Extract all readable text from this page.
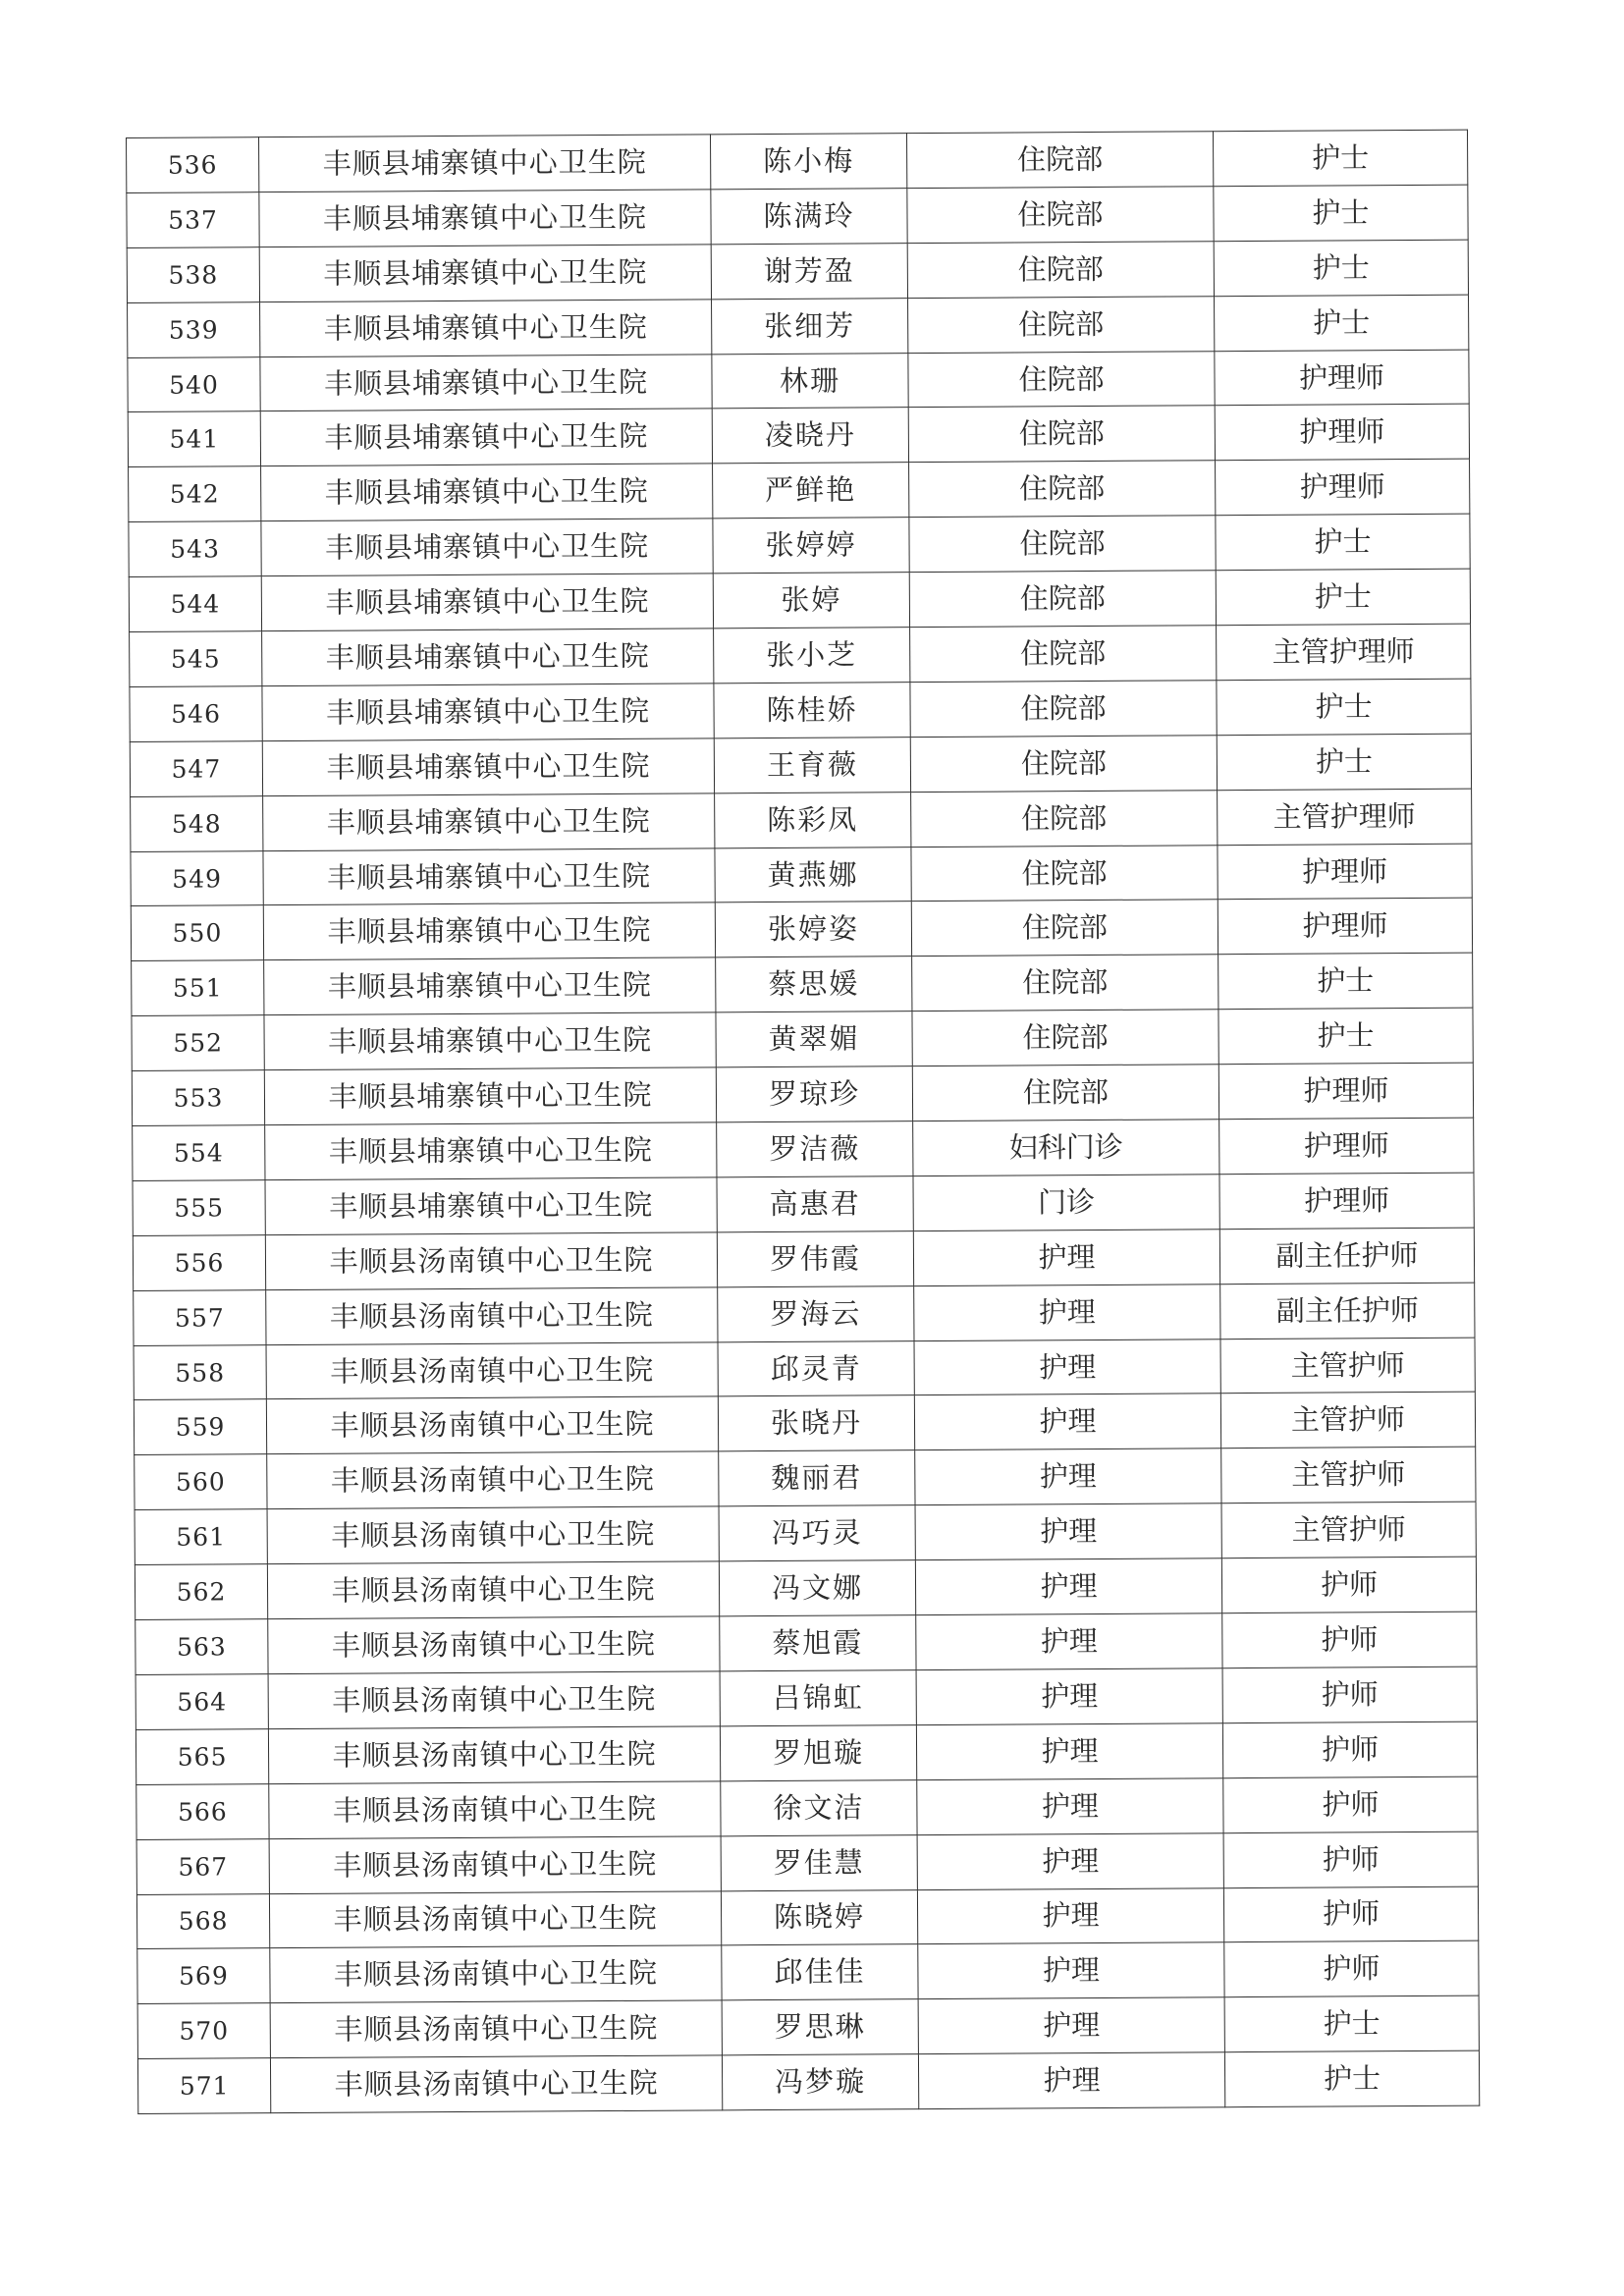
536	丰顺县埔寨镇中心卫生院	陈小梅	住院部	护士
537	丰顺县埔寨镇中心卫生院	陈满玲	住院部	护士
538	丰顺县埔寨镇中心卫生院	谢芳盈	住院部	护士
539	丰顺县埔寨镇中心卫生院	张细芳	住院部	护士
540	丰顺县埔寨镇中心卫生院	林珊	住院部	护理师
541	丰顺县埔寨镇中心卫生院	凌晓丹	住院部	护理师
542	丰顺县埔寨镇中心卫生院	严鲜艳	住院部	护理师
543	丰顺县埔寨镇中心卫生院	张婷婷	住院部	护士
544	丰顺县埔寨镇中心卫生院	张婷	住院部	护士
545	丰顺县埔寨镇中心卫生院	张小芝	住院部	主管护理师
546	丰顺县埔寨镇中心卫生院	陈桂娇	住院部	护士
547	丰顺县埔寨镇中心卫生院	王育薇	住院部	护士
548	丰顺县埔寨镇中心卫生院	陈彩凤	住院部	主管护理师
549	丰顺县埔寨镇中心卫生院	黄燕娜	住院部	护理师
550	丰顺县埔寨镇中心卫生院	张婷姿	住院部	护理师
551	丰顺县埔寨镇中心卫生院	蔡思媛	住院部	护士
552	丰顺县埔寨镇中心卫生院	黄翠媚	住院部	护士
553	丰顺县埔寨镇中心卫生院	罗琼珍	住院部	护理师
554	丰顺县埔寨镇中心卫生院	罗洁薇	妇科门诊	护理师
555	丰顺县埔寨镇中心卫生院	高惠君	门诊	护理师
556	丰顺县汤南镇中心卫生院	罗伟霞	护理	副主任护师
557	丰顺县汤南镇中心卫生院	罗海云	护理	副主任护师
558	丰顺县汤南镇中心卫生院	邱灵青	护理	主管护师
559	丰顺县汤南镇中心卫生院	张晓丹	护理	主管护师
560	丰顺县汤南镇中心卫生院	魏丽君	护理	主管护师
561	丰顺县汤南镇中心卫生院	冯巧灵	护理	主管护师
562	丰顺县汤南镇中心卫生院	冯文娜	护理	护师
563	丰顺县汤南镇中心卫生院	蔡旭霞	护理	护师
564	丰顺县汤南镇中心卫生院	吕锦虹	护理	护师
565	丰顺县汤南镇中心卫生院	罗旭璇	护理	护师
566	丰顺县汤南镇中心卫生院	徐文洁	护理	护师
567	丰顺县汤南镇中心卫生院	罗佳慧	护理	护师
568	丰顺县汤南镇中心卫生院	陈晓婷	护理	护师
569	丰顺县汤南镇中心卫生院	邱佳佳	护理	护师
570	丰顺县汤南镇中心卫生院	罗思琳	护理	护士
571	丰顺县汤南镇中心卫生院	冯梦璇	护理	护士
